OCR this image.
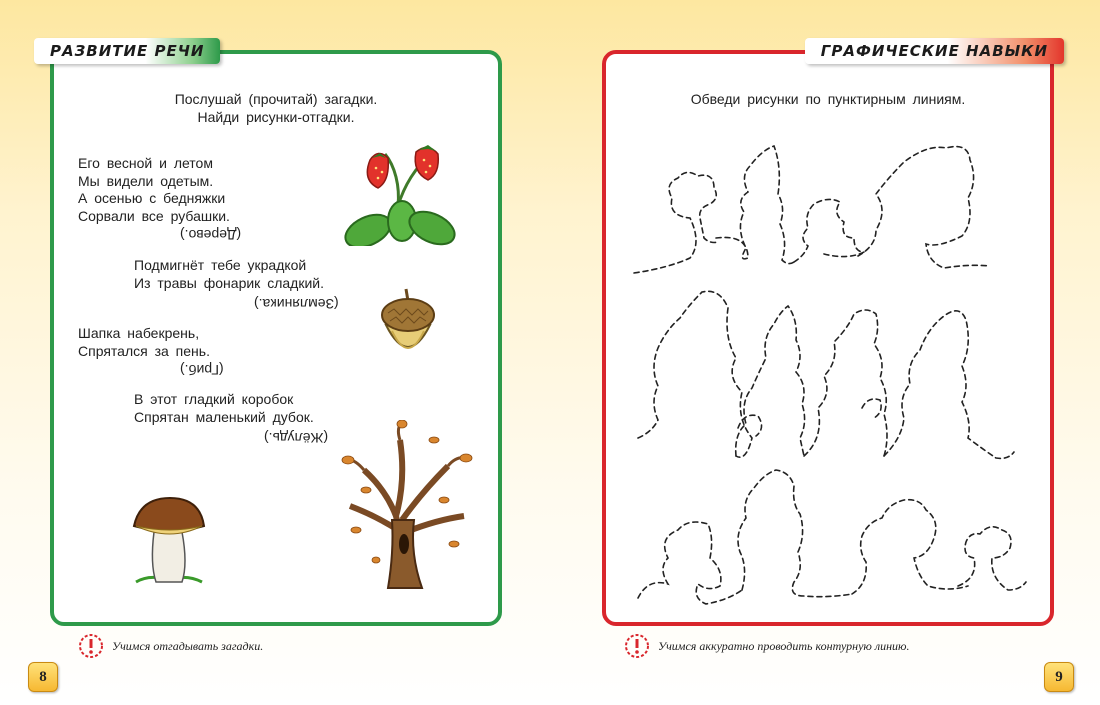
Послушай (прочитай) загадки.
Найди рисунки-отгадки.
Его весной и летом
Мы видели одетым.
А осенью с бедняжки
Сорвали все рубашки.
(Дерево.)
Подмигнёт тебе украдкой
Из травы фонарик сладкий.
(Земляника.)
Шапка набекрень,
Спрятался за пень.
(Гриб.)
В этот гладкий коробок
Спрятан маленький дубок.
(Жёлудь.)
РАЗВИТИЕ РЕЧИ
Учимся отгадывать загадки.
8
Обведи рисунки по пунктирным линиям.
ГРАФИЧЕСКИЕ НАВЫКИ
Учимся аккуратно проводить контурную линию.
9
